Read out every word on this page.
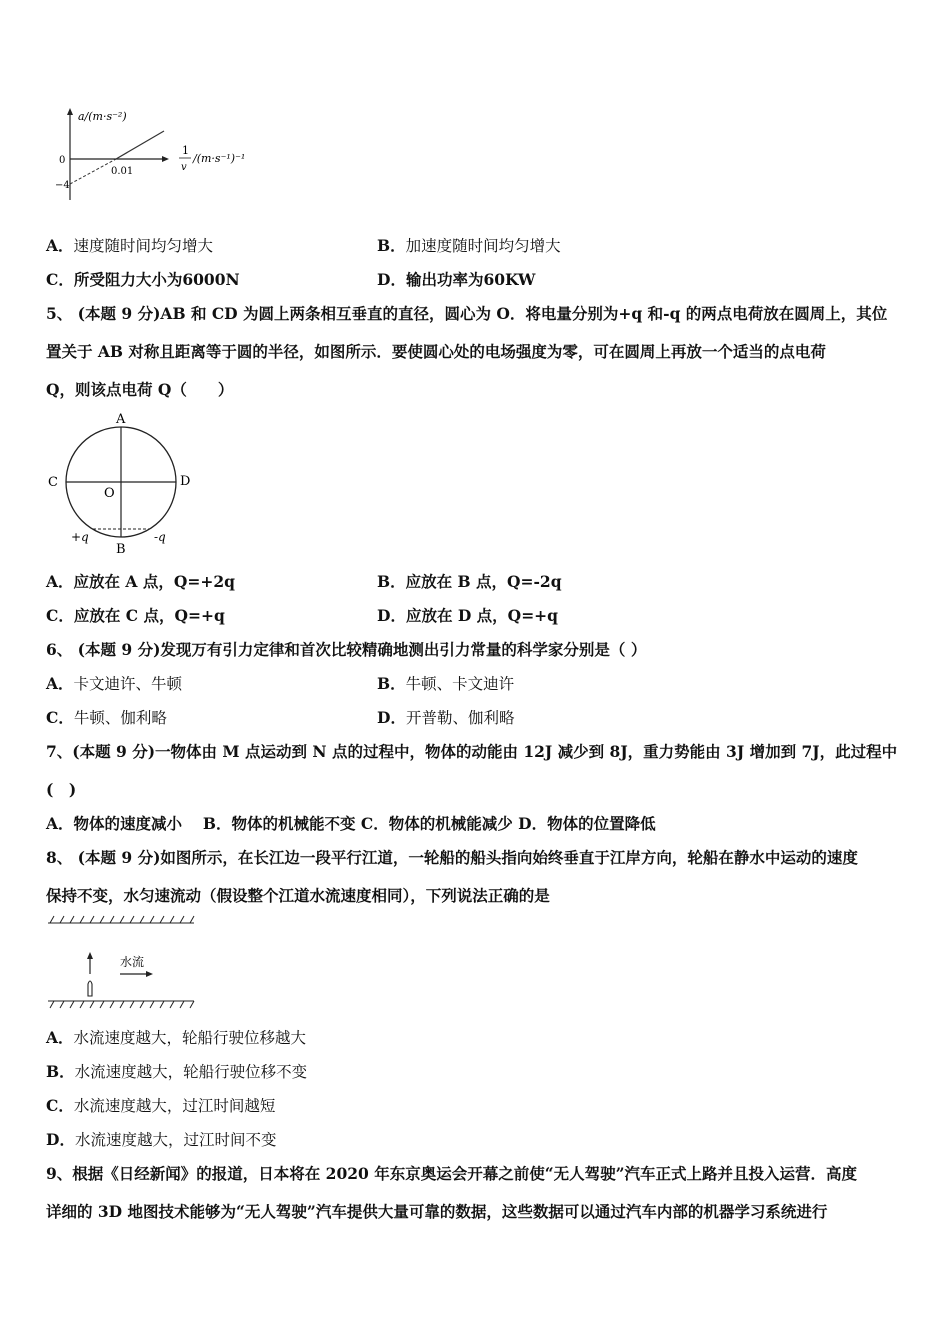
a/(m·s⁻²)
0
−4
0.01
1
v
/(m·s⁻¹)⁻¹
A．速度随时间均匀增大	B．加速度随时间均匀增大
C．所受阻力大小为6000N	D．输出功率为60KW
5、 (本题 9 分)AB 和 CD 为圆上两条相互垂直的直径，圆心为 O．将电量分别为+q 和-q 的两点电荷放在圆周上，其位
置关于 AB 对称且距离等于圆的半径，如图所示．要使圆心处的电场强度为零，可在圆周上再放一个适当的点电荷
Q，则该点电荷 Q（　　）
A
B
C	D
O
+q	-q
A．应放在 A 点，Q=+2q	B．应放在 B 点，Q=-2q
C．应放在 C 点，Q=+q	D．应放在 D 点，Q=+q
6、 (本题 9 分)发现万有引力定律和首次比较精确地测出引力常量的科学家分别是（ ）
A．卡文迪许、牛顿	B．牛顿、卡文迪许
C．牛顿、伽利略	D．开普勒、伽利略
7、(本题 9 分)一物体由 M 点运动到 N 点的过程中，物体的动能由 12J 减少到 8J，重力势能由 3J 增加到 7J，此过程中
(　)
A．物体的速度减小　 B．物体的机械能不变 C．物体的机械能减少 D．物体的位置降低
8、 (本题 9 分)如图所示，在长江边一段平行江道，一轮船的船头指向始终垂直于江岸方向，轮船在静水中运动的速度
保持不变，水匀速流动（假设整个江道水流速度相同），下列说法正确的是
水流
A．水流速度越大，轮船行驶位移越大
B．水流速度越大，轮船行驶位移不变
C．水流速度越大，过江时间越短
D．水流速度越大，过江时间不变
9、根据《日经新闻》的报道，日本将在 2020 年东京奥运会开幕之前使“无人驾驶”汽车正式上路并且投入运营．高度
详细的 3D 地图技术能够为“无人驾驶”汽车提供大量可靠的数据，这些数据可以通过汽车内部的机器学习系统进行
